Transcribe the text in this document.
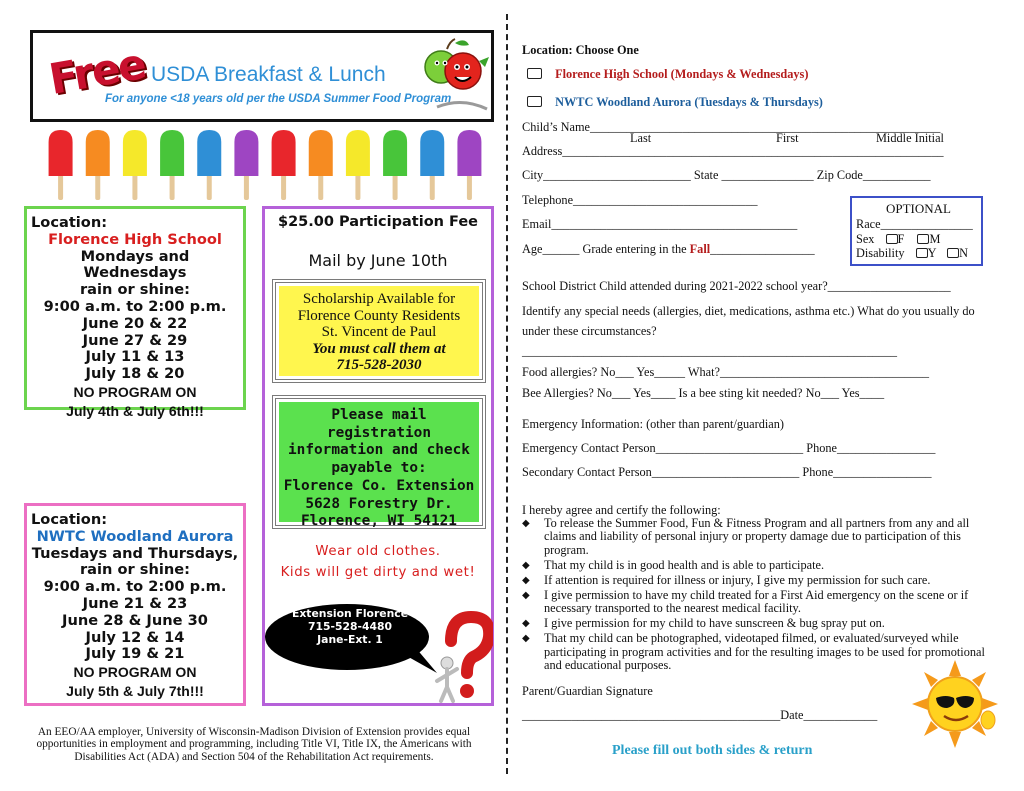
Free USDA Breakfast & Lunch
For anyone <18 years old per the USDA Summer Food Program
Location:
Florence High School
Mondays and Wednesdays
rain or shine:
9:00 a.m. to 2:00 p.m.
June 20 & 22
June 27 & 29
July 11 & 13
July 18 & 20
NO PROGRAM ON
July 4th & July 6th!!!
Location:
NWTC Woodland Aurora
Tuesdays and Thursdays,
rain or shine:
9:00 a.m. to 2:00 p.m.
June 21 & 23
June 28 & June 30
July 12 & 14
July 19 & 21
NO PROGRAM ON
July 5th & July 7th!!!
$25.00 Participation Fee
Mail by June 10th
Scholarship Available for
Florence County Residents
St. Vincent de Paul
You must call them at
715-528-2030
Please mail registration
information and check
payable to:
Florence Co. Extension
5628 Forestry Dr.
Florence, WI 54121
Wear old clothes.
Kids will get dirty and wet!
Extension Florence
715-528-4480
Jane-Ext. 1
An EEO/AA employer, University of Wisconsin-Madison Division of Extension provides equal opportunities in employment and programming, including Title VI, Title IX, the Americans with Disabilities Act (ADA) and Section 504 of the Rehabilitation Act requirements.
Location: Choose One
Florence High School (Mondays & Wednesdays)
NWTC Woodland Aurora (Tuesdays & Thursdays)
Child’s Name_________________________________________________________
Last	First	Middle Initial
Address______________________________________________________________
City________________________ State _______________ Zip Code___________
Telephone______________________________
Email________________________________________
Age______ Grade entering in the Fall_________________
OPTIONAL
Race_______________
Sex F M
Disability Y N
School District Child attended during 2021-2022 school year?____________________
Identify any special needs (allergies, diet, medications, asthma etc.) What do you usually do
under these circumstances?
_____________________________________________________________
Food allergies? No___ Yes_____ What?__________________________________
Bee Allergies? No___ Yes____ Is a bee sting kit needed? No___ Yes____
Emergency Information: (other than parent/guardian)
Emergency Contact Person________________________ Phone________________
Secondary Contact Person________________________ Phone________________
I hereby agree and certify the following:
◆ To release the Summer Food, Fun & Fitness Program and all partners from any and all claims and liability of personal injury or property damage due to participation of this program.
◆ That my child is in good health and is able to participate.
◆ If attention is required for illness or injury, I give my permission for such care.
◆ I give permission to have my child treated for a First Aid emergency on the scene or if necessary transported to the nearest medical facility.
◆ I give permission for my child to have sunscreen & bug spray put on.
◆ That my child can be photographed, videotaped filmed, or evaluated/surveyed while participating in program activities and for the resulting images to be used for promotional and educational purposes.
Parent/Guardian Signature
__________________________________________Date____________
Please fill out both sides & return
